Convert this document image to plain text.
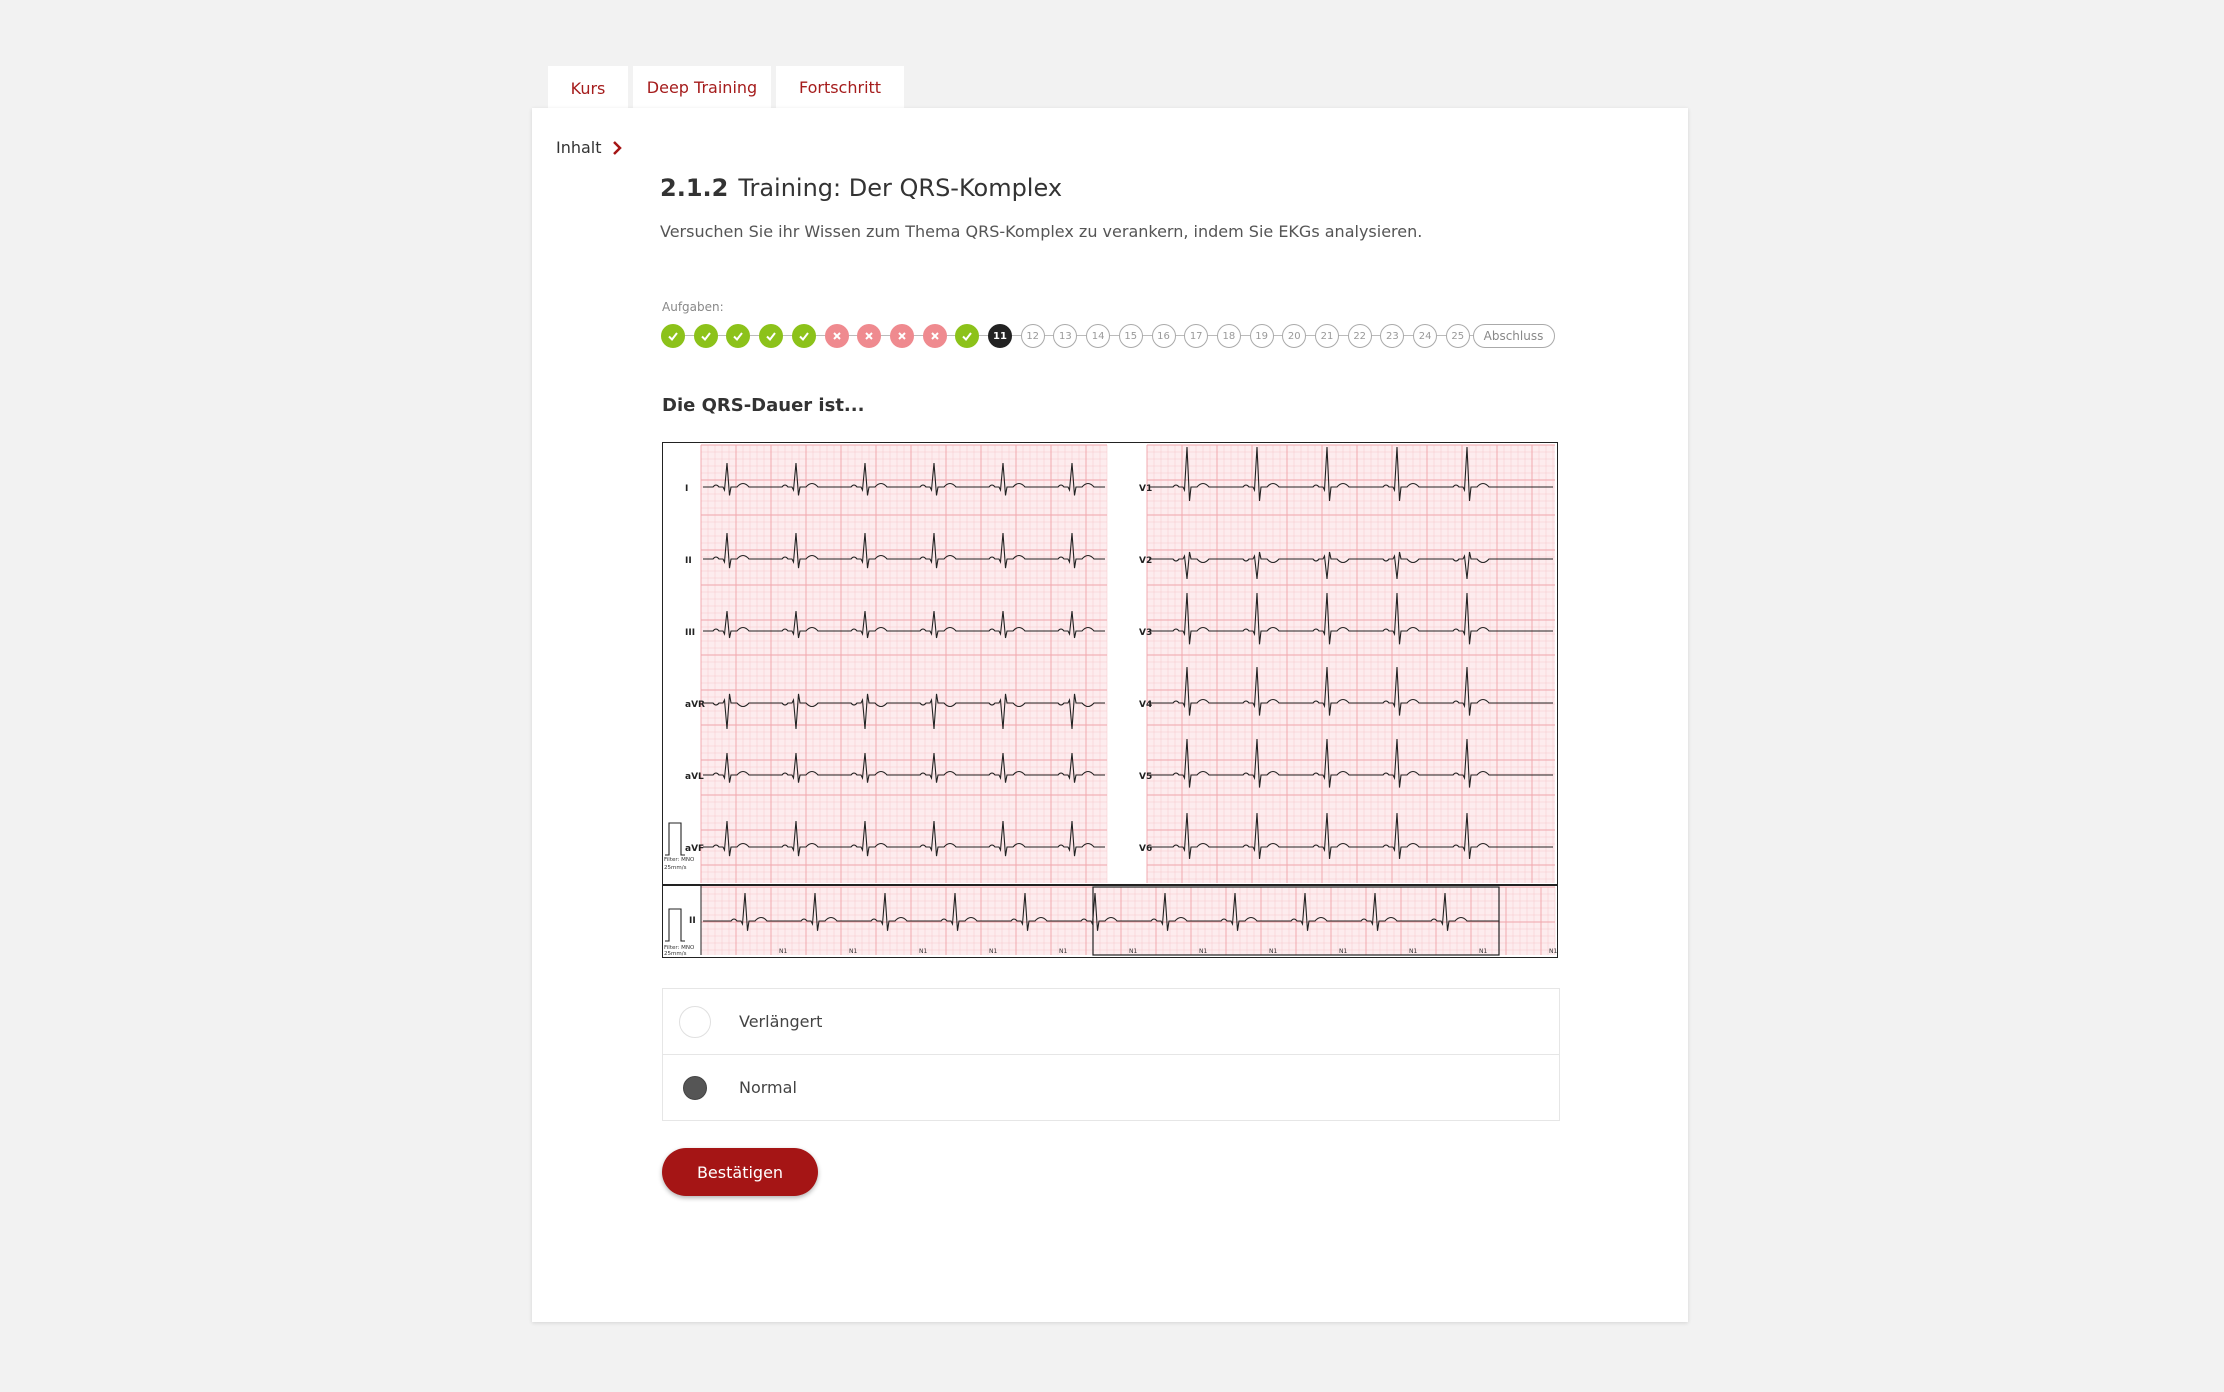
Kurs	Deep Training	Fortschritt
Inhalt
2.1.2 Training: Der QRS-Komplex
Versuchen Sie ihr Wissen zum Thema QRS-Komplex zu verankern, indem Sie EKGs analysieren.
Aufgaben:
11	12	13	14	15	16	17	18	19	20	21	22	23	24	25	Abschluss
Die QRS-Dauer ist...
I
II
III
aVR
aVL
aVF
V1
V2
V3
V4
V5
V6
II
N1	N1	N1	N1	N1	N1	N1	N1	N1	N1	N1	N1
Filter: MNO
25mm/s
Filter: MNO
25mm/s
Verlängert
Normal
Bestätigen
